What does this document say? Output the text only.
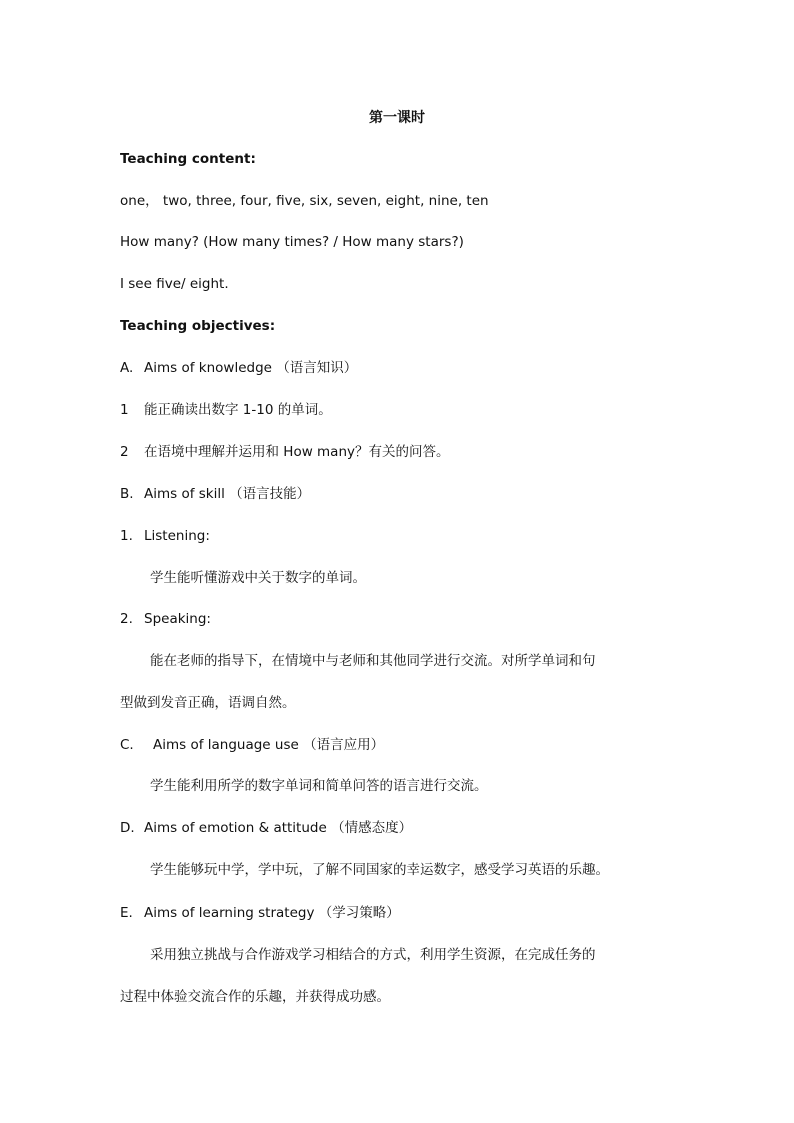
第一课时
Teaching content:
one， two, three, four, five, six, seven, eight, nine, ten
How many? (How many times? / How many stars?)
I see five/ eight.
Teaching objectives:
A. Aims of knowledge （语言知识）
1 能正确读出数字 1-10 的单词。
2 在语境中理解并运用和 How many？有关的问答。
B. Aims of skill （语言技能）
1. Listening:
学生能听懂游戏中关于数字的单词。
2. Speaking:
能在老师的指导下，在情境中与老师和其他同学进行交流。对所学单词和句
型做到发音正确，语调自然。
C. Aims of language use （语言应用）
学生能利用所学的数字单词和简单问答的语言进行交流。
D. Aims of emotion & attitude （情感态度）
学生能够玩中学，学中玩，了解不同国家的幸运数字，感受学习英语的乐趣。
E. Aims of learning strategy （学习策略）
采用独立挑战与合作游戏学习相结合的方式，利用学生资源，在完成任务的
过程中体验交流合作的乐趣，并获得成功感。
